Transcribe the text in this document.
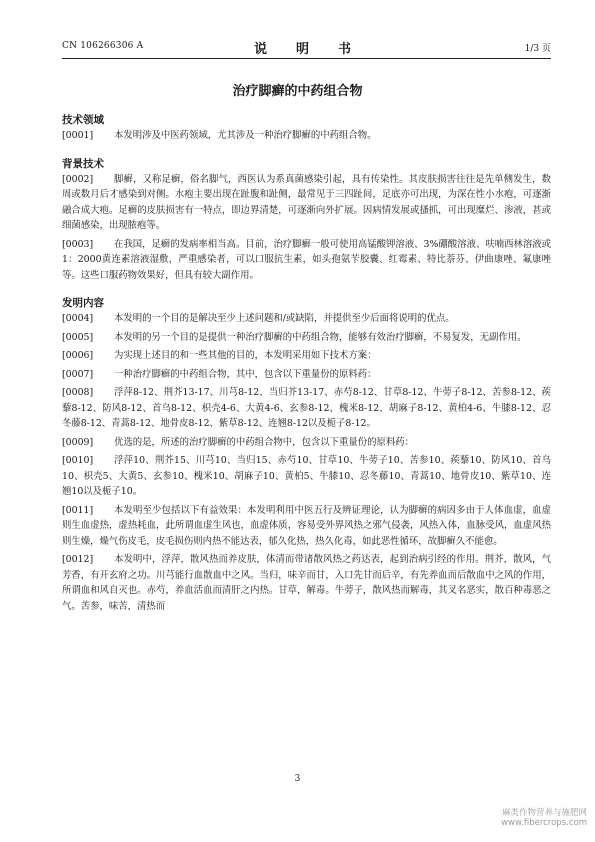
CN 106266306 A	说　明　书	1/3 页
治疗脚癣的中药组合物
技术领域
[0001]	本发明涉及中医药领域，尤其涉及一种治疗脚癣的中药组合物。
背景技术
[0002]	脚癣，又称足癣，俗名脚气，西医认为系真菌感染引起，具有传染性。其皮肤损害往往是先单侧发生，数周或数月后才感染到对侧。水疱主要出现在趾腹和趾侧，最常见于三四趾间，足底亦可出现，为深在性小水疱，可逐渐融合成大疱。足癣的皮肤损害有一特点，即边界清楚，可逐渐向外扩展。因病情发展或搔抓，可出现糜烂、渗液，甚或细菌感染，出现脓疱等。
[0003]	在我国，足癣的发病率相当高。目前，治疗脚癣一般可使用高锰酸钾溶液、3%硼酸溶液、呋喃西林溶液或1：2000黄连素溶液湿敷，严重感染者，可以口服抗生素，如头孢氨苄胶囊、红霉素、特比萘芬、伊曲康唑、氟康唑等。这些口服药物效果好，但具有较大副作用。
发明内容
[0004]	本发明的一个目的是解决至少上述问题和/或缺陷，并提供至少后面将说明的优点。
[0005]	本发明的另一个目的是提供一种治疗脚癣的中药组合物，能够有效治疗脚癣，不易复发，无副作用。
[0006]	为实现上述目的和一些其他的目的，本发明采用如下技术方案：
[0007]	一种治疗脚癣的中药组合物，其中，包含以下重量份的原料药：
[0008]	浮萍8-12、荆芥13-17、川芎8-12、当归芥13-17、赤芍8-12、甘草8-12、牛蒡子8-12、苦参8-12、蒺藜8-12、防风8-12、首乌8-12、枳壳4-6、大黄4-6、玄参8-12、槐米8-12、胡麻子8-12、黄柏4-6、牛膝8-12、忍冬藤8-12、青蒿8-12、地骨皮8-12、紫草8-12、连翘8-12以及栀子8-12。
[0009]	优选的是，所述的治疗脚癣的中药组合物中，包含以下重量份的原料药：
[0010]	浮萍10、荆芥15、川芎10、当归15、赤芍10、甘草10、牛蒡子10、苦参10、蒺藜10、防风10、首乌10、枳壳5、大黄5、玄参10、槐米10、胡麻子10、黄柏5、牛膝10、忍冬藤10、青蒿10、地骨皮10、紫草10、连翘10以及栀子10。
[0011]	本发明至少包括以下有益效果：本发明利用中医五行及辨证理论，认为脚癣的病因多由于人体血虚，血虚则生血虚热，虚热耗血，此所谓血虚生风也，血虚体质，容易受外界风热之邪气侵袭，风热入体，血脉受风，血虚风热则生燥，燥气伤皮毛，皮毛损伤则内热不能达表，郁久化热，热久化毒，如此恶性循环，故脚癣久不能愈。
[0012]	本发明中，浮萍，散风热而养皮肤，体清而带诸散风热之药达表，起到治病引经的作用。荆芥，散风，气芳香，有开玄府之功。川芎能行血散血中之风。当归，味辛而甘，入口先甘而后辛，有先养血而后散血中之风的作用，所谓血和风自灭也。赤芍，养血活血而清肝之内热。甘草，解毒。牛蒡子，散风热而解毒，其叉名恶实，散百种毒恶之气。苦参，味苦，清热而
3
麻类作物营养与施肥网
www.fibercrops.com
